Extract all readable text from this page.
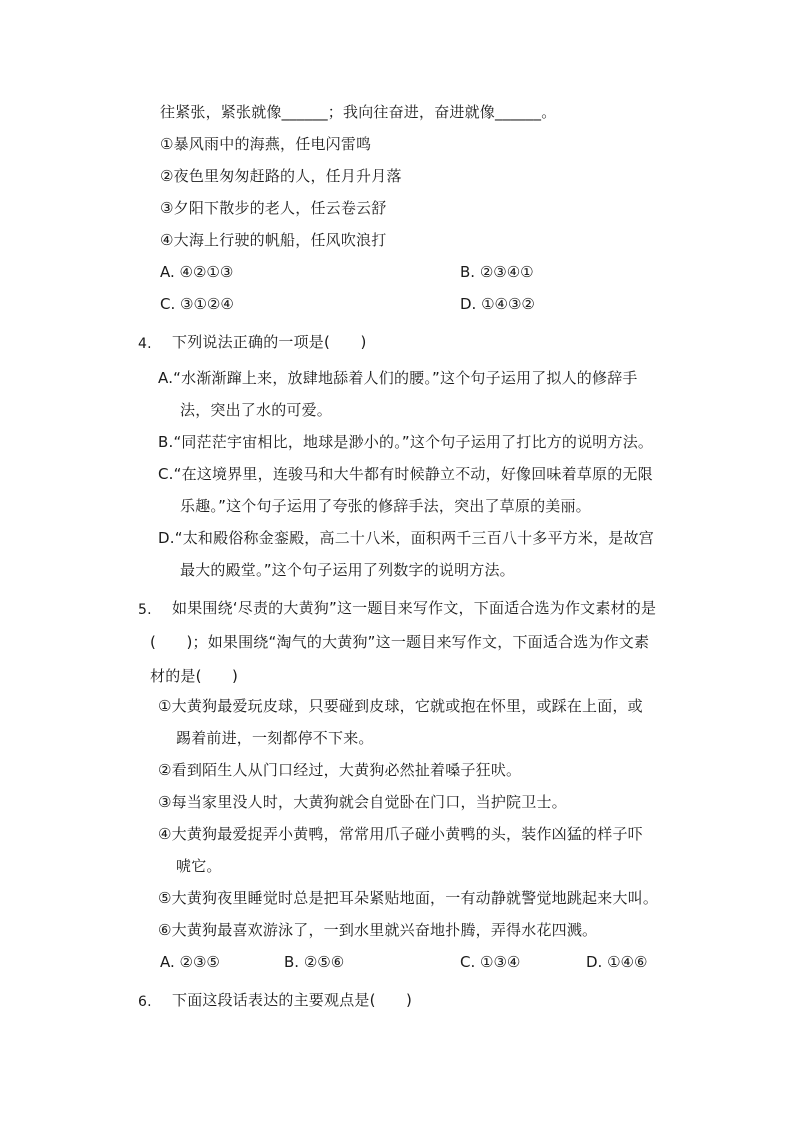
往紧张，紧张就像______；我向往奋进，奋进就像______。
①暴风雨中的海燕，任电闪雷鸣
②夜色里匆匆赶路的人，任月升月落
③夕阳下散步的老人，任云卷云舒
④大海上行驶的帆船，任风吹浪打
A. ④②①③	B. ②③④①
C. ③①②④	D. ①④③②
4. 下列说法正确的一项是(　　)
A.“水渐渐蹿上来，放肆地舔着人们的腰。”这个句子运用了拟人的修辞手
法，突出了水的可爱。
B.“同茫茫宇宙相比，地球是渺小的。”这个句子运用了打比方的说明方法。
C.“在这境界里，连骏马和大牛都有时候静立不动，好像回味着草原的无限
乐趣。”这个句子运用了夸张的修辞手法，突出了草原的美丽。
D.“太和殿俗称金銮殿，高二十八米，面积两千三百八十多平方米，是故宫
最大的殿堂。”这个句子运用了列数字的说明方法。
5. 如果围绕‘尽责的大黄狗”这一题目来写作文，下面适合选为作文素材的是
(　　)；如果围绕“淘气的大黄狗”这一题目来写作文，下面适合选为作文素
材的是(　　)
①大黄狗最爱玩皮球，只要碰到皮球，它就或抱在怀里，或踩在上面，或
踢着前进，一刻都停不下来。
②看到陌生人从门口经过，大黄狗必然扯着嗓子狂吠。
③每当家里没人时，大黄狗就会自觉卧在门口，当护院卫士。
④大黄狗最爱捉弄小黄鸭，常常用爪子碰小黄鸭的头，装作凶猛的样子吓
唬它。
⑤大黄狗夜里睡觉时总是把耳朵紧贴地面，一有动静就警觉地跳起来大叫。
⑥大黄狗最喜欢游泳了，一到水里就兴奋地扑腾，弄得水花四溅。
A. ②③⑤	B. ②⑤⑥	C. ①③④	D. ①④⑥
6. 下面这段话表达的主要观点是(　　)
